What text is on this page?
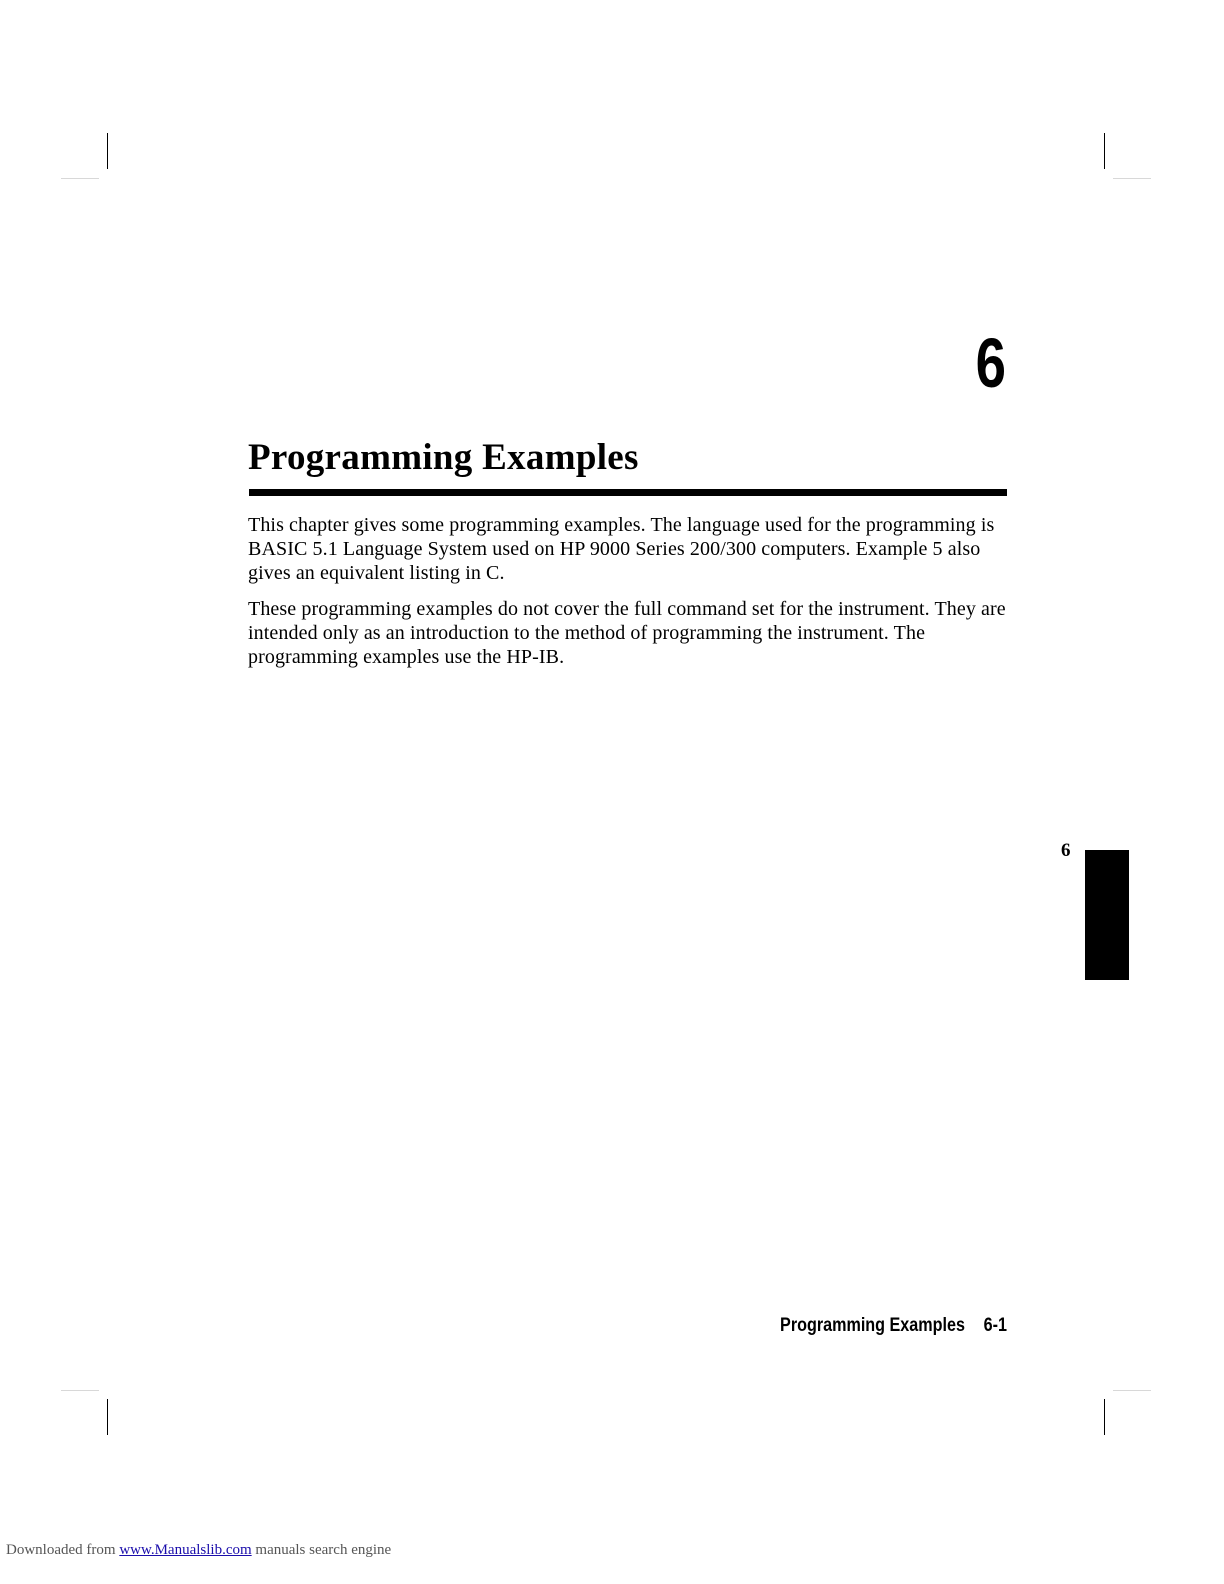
6
Programming Examples

This chapter gives some programming examples. The language used for the programming is BASIC 5.1 Language System used on HP 9000 Series 200/300 computers. Example 5 also gives an equivalent listing in C.

These programming examples do not cover the full command set for the instrument. They are intended only as an introduction to the method of programming the instrument. The programming examples use the HP-IB.

6
Programming Examples 6-1
Downloaded from www.Manualslib.com manuals search engine
